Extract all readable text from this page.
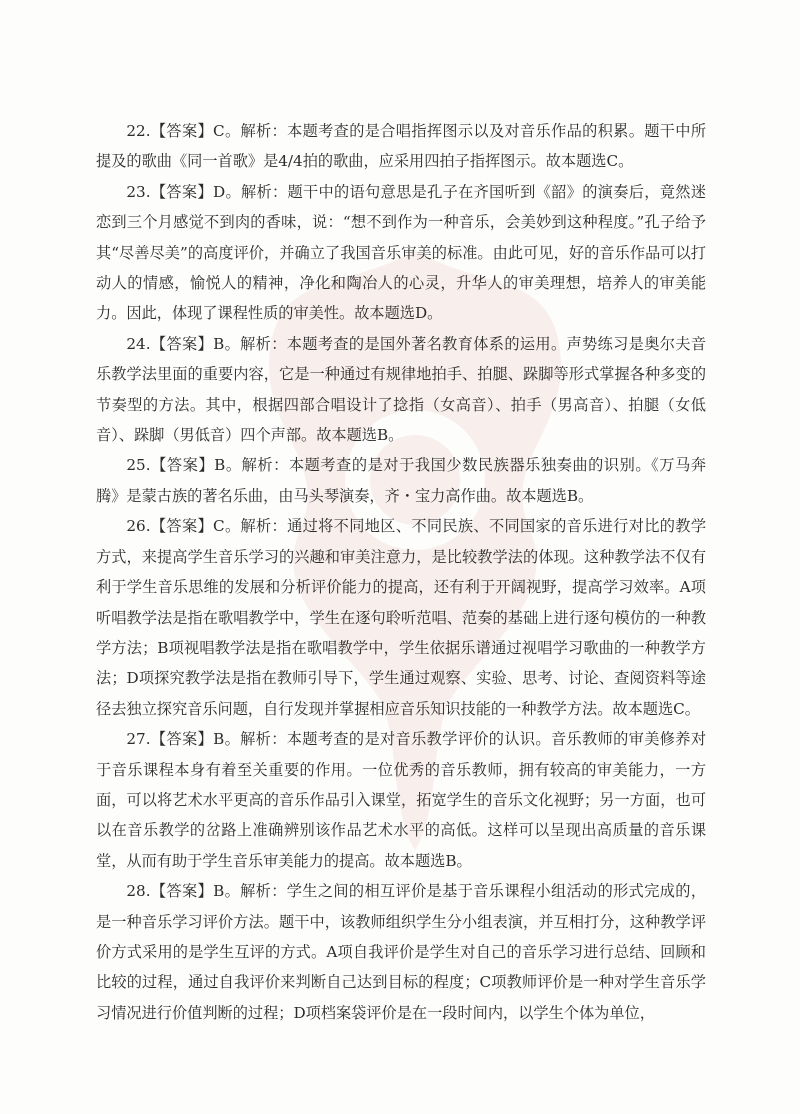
22.【答案】C。解析：本题考查的是合唱指挥图示以及对音乐作品的积累。题干中所提及的歌曲《同一首歌》是4/4拍的歌曲，应采用四拍子指挥图示。故本题选C。

23.【答案】D。解析：题干中的语句意思是孔子在齐国听到《韶》的演奏后，竟然迷恋到三个月感觉不到肉的香味，说：“想不到作为一种音乐，会美妙到这种程度。”孔子给予其“尽善尽美”的高度评价，并确立了我国音乐审美的标准。由此可见，好的音乐作品可以打动人的情感，愉悦人的精神，净化和陶冶人的心灵，升华人的审美理想，培养人的审美能力。因此，体现了课程性质的审美性。故本题选D。

24.【答案】B。解析：本题考查的是国外著名教育体系的运用。声势练习是奥尔夫音乐教学法里面的重要内容，它是一种通过有规律地拍手、拍腿、跺脚等形式掌握各种多变的节奏型的方法。其中，根据四部合唱设计了捻指（女高音）、拍手（男高音）、拍腿（女低音）、跺脚（男低音）四个声部。故本题选B。

25.【答案】B。解析：本题考查的是对于我国少数民族器乐独奏曲的识别。《万马奔腾》是蒙古族的著名乐曲，由马头琴演奏，齐・宝力高作曲。故本题选B。

26.【答案】C。解析：通过将不同地区、不同民族、不同国家的音乐进行对比的教学方式，来提高学生音乐学习的兴趣和审美注意力，是比较教学法的体现。这种教学法不仅有利于学生音乐思维的发展和分析评价能力的提高，还有利于开阔视野，提高学习效率。A项听唱教学法是指在歌唱教学中，学生在逐句聆听范唱、范奏的基础上进行逐句模仿的一种教学方法；B项视唱教学法是指在歌唱教学中，学生依据乐谱通过视唱学习歌曲的一种教学方法；D项探究教学法是指在教师引导下，学生通过观察、实验、思考、讨论、查阅资料等途径去独立探究音乐问题，自行发现并掌握相应音乐知识技能的一种教学方法。故本题选C。

27.【答案】B。解析：本题考查的是对音乐教学评价的认识。音乐教师的审美修养对于音乐课程本身有着至关重要的作用。一位优秀的音乐教师，拥有较高的审美能力，一方面，可以将艺术水平更高的音乐作品引入课堂，拓宽学生的音乐文化视野；另一方面，也可以在音乐教学的岔路上准确辨别该作品艺术水平的高低。这样可以呈现出高质量的音乐课堂，从而有助于学生音乐审美能力的提高。故本题选B。

28.【答案】B。解析：学生之间的相互评价是基于音乐课程小组活动的形式完成的，是一种音乐学习评价方法。题干中，该教师组织学生分小组表演，并互相打分，这种教学评价方式采用的是学生互评的方式。A项自我评价是学生对自己的音乐学习进行总结、回顾和比较的过程，通过自我评价来判断自己达到目标的程度；C项教师评价是一种对学生音乐学习情况进行价值判断的过程；D项档案袋评价是在一段时间内，以学生个体为单位，
